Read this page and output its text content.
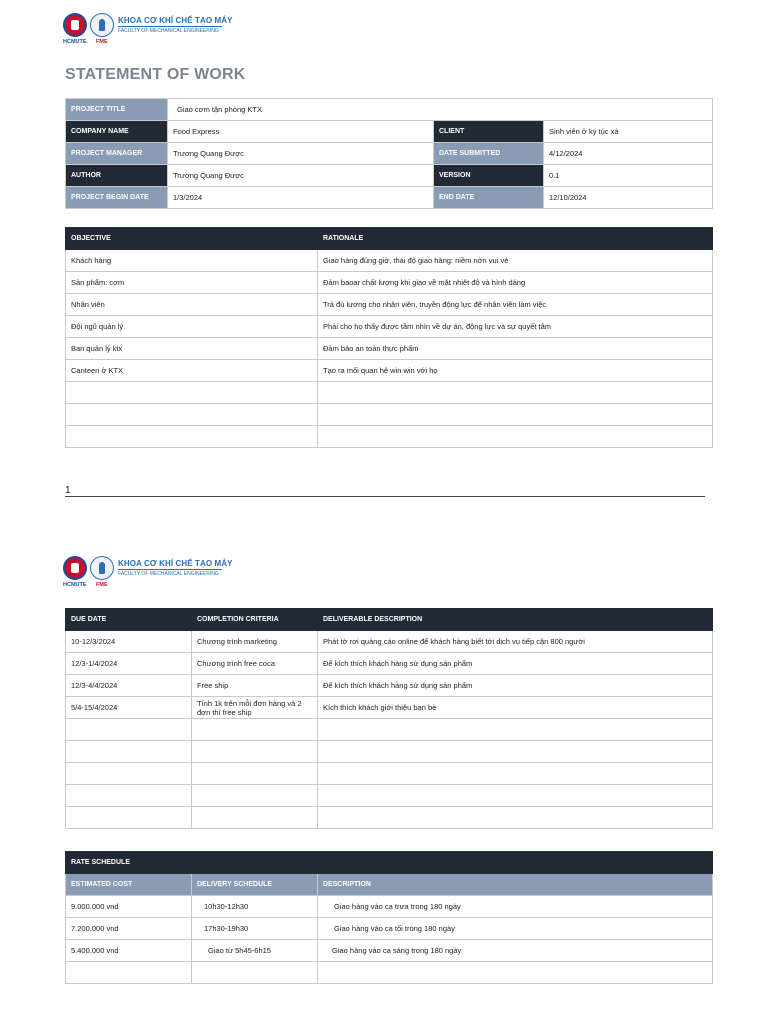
HCMUTE FME
KHOA CƠ KHÍ CHẾ TẠO MÁY
FACULTY OF MECHANICAL ENGINEERING
STATEMENT OF WORK
PROJECT TITLE	Giao cơm tận phòng KTX		
COMPANY NAME	Food Express	CLIENT	Sinh viên ở ký túc xá
PROJECT MANAGER	Trương Quang Được	DATE SUBMITTED	4/12/2024
AUTHOR	Trương Quang Được	VERSION	0.1
PROJECT BEGIN DATE	1/3/2024	END DATE	12/10/2024
OBJECTIVE	RATIONALE
Khách hàng	Giao hàng đúng giờ, thái độ giao hàng: niềm nởn vui vẻ
Sản phẩm: cơm	Đảm baoar chất lượng khi giao về mặt nhiệt độ và hình dáng
Nhân viên	Trả đủ lương cho nhân viên, truyền động lực để nhân viên làm việc
Đội ngũ quản lý	Phải cho họ thấy được tầm nhìn về dự án, động lực và sự quyết tâm
Ban quản lý ktx	Đảm bảo an toàn thực phẩm
Canteen ở KTX	Tạo ra mối quan hệ win win với họ

1
HCMUTE FME
KHOA CƠ KHÍ CHẾ TẠO MÁY
FACULTY OF MECHANICAL ENGINEERING
DUE DATE	COMPLETION CRITERIA	DELIVERABLE DESCRIPTION
10-12/3/2024	Chương trình marketing	Phát tờ rơi quảng cáo online để khách hàng biết tới dịch vụ tiếp cận 800 người
12/3-1/4/2024	Chương trình free coca	Để kích thích khách hàng sử dụng sản phẩm
12/3-4/4/2024	Free ship	Để kích thích khách hàng sử dụng sản phẩm
5/4-15/4/2024	Tính 1k trên mỗi đơn hàng và 2 đơn thì free ship	Kích thích khách giới thiệu bạn bè

RATE SCHEDULE		
ESTIMATED COST	DELIVERY SCHEDULE	DESCRIPTION
9.000.000 vnd	10h30-12h30	Giao hàng vào ca trưa trong 180 ngày
7.200.000 vnd	17h30-19h30	Giao hàng vào ca tối trong 180 ngày
5.400.000 vnd	Giao từ 5h45-6h15	Giao hàng vào ca sáng trong 180 ngày
